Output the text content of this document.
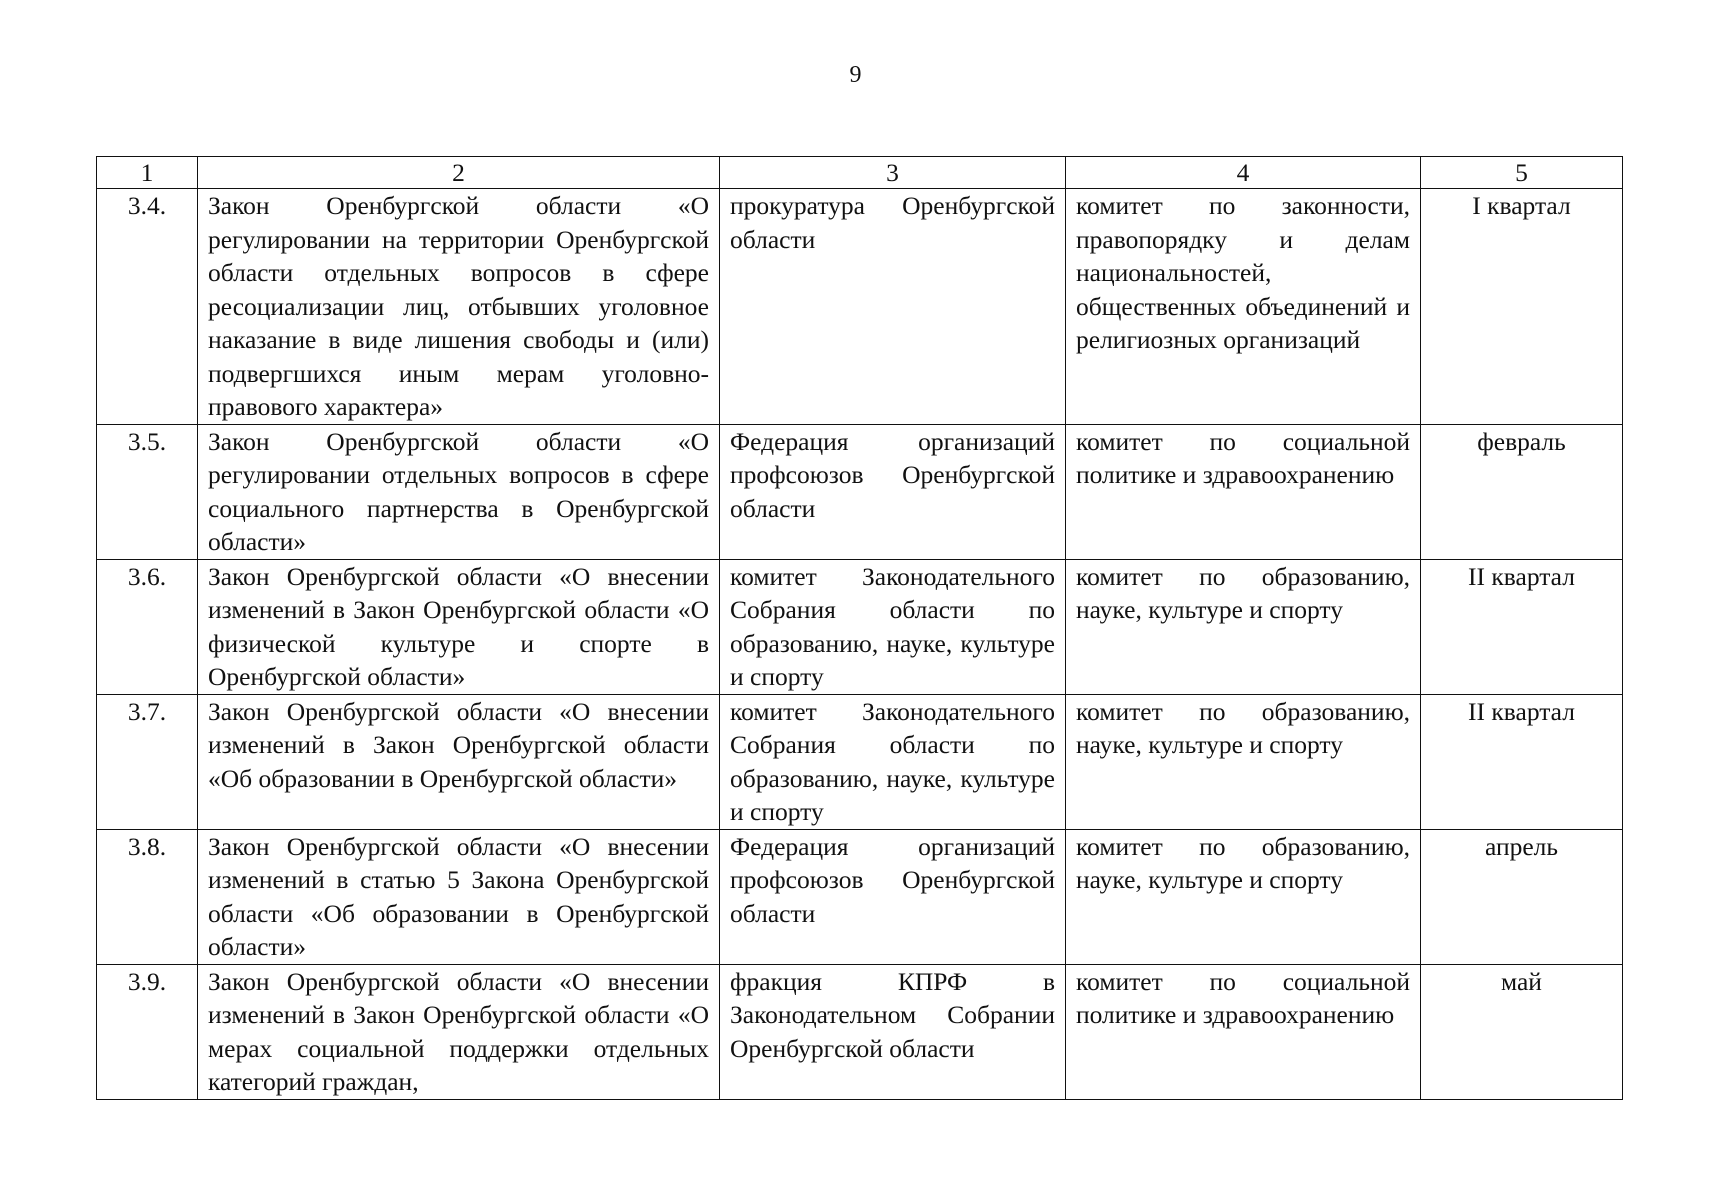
9
1	2	3	4	5
3.4.	Закон Оренбургской области «О регулировании на территории Оренбургской области отдельных вопросов в сфере ресоциализации лиц, отбывших уголовное наказание в виде лишения свободы и (или) подвергшихся иным мерам уголовно-правового характера»	прокуратура Оренбургской области	комитет по законности, правопорядку и делам национальностей, общественных объединений и религиозных организаций	I квартал
3.5.	Закон Оренбургской области «О регулировании отдельных вопросов в сфере социального партнерства в Оренбургской области»	Федерация организаций профсоюзов Оренбургской области	комитет по социальной политике и здравоохранению	февраль
3.6.	Закон Оренбургской области «О внесении изменений в Закон Оренбургской области «О физической культуре и спорте в Оренбургской области»	комитет Законодательного Собрания области по образованию, науке, культуре и спорту	комитет по образованию, науке, культуре и спорту	II квартал
3.7.	Закон Оренбургской области «О внесении изменений в Закон Оренбургской области «Об образовании в Оренбургской области»	комитет Законодательного Собрания области по образованию, науке, культуре и спорту	комитет по образованию, науке, культуре и спорту	II квартал
3.8.	Закон Оренбургской области «О внесении изменений в статью 5 Закона Оренбургской области «Об образовании в Оренбургской области»	Федерация организаций профсоюзов Оренбургской области	комитет по образованию, науке, культуре и спорту	апрель
3.9.	Закон Оренбургской области «О внесении изменений в Закон Оренбургской области «О мерах социальной поддержки отдельных категорий граждан,	фракция КПРФ в Законодательном Собрании Оренбургской области	комитет по социальной политике и здравоохранению	май
